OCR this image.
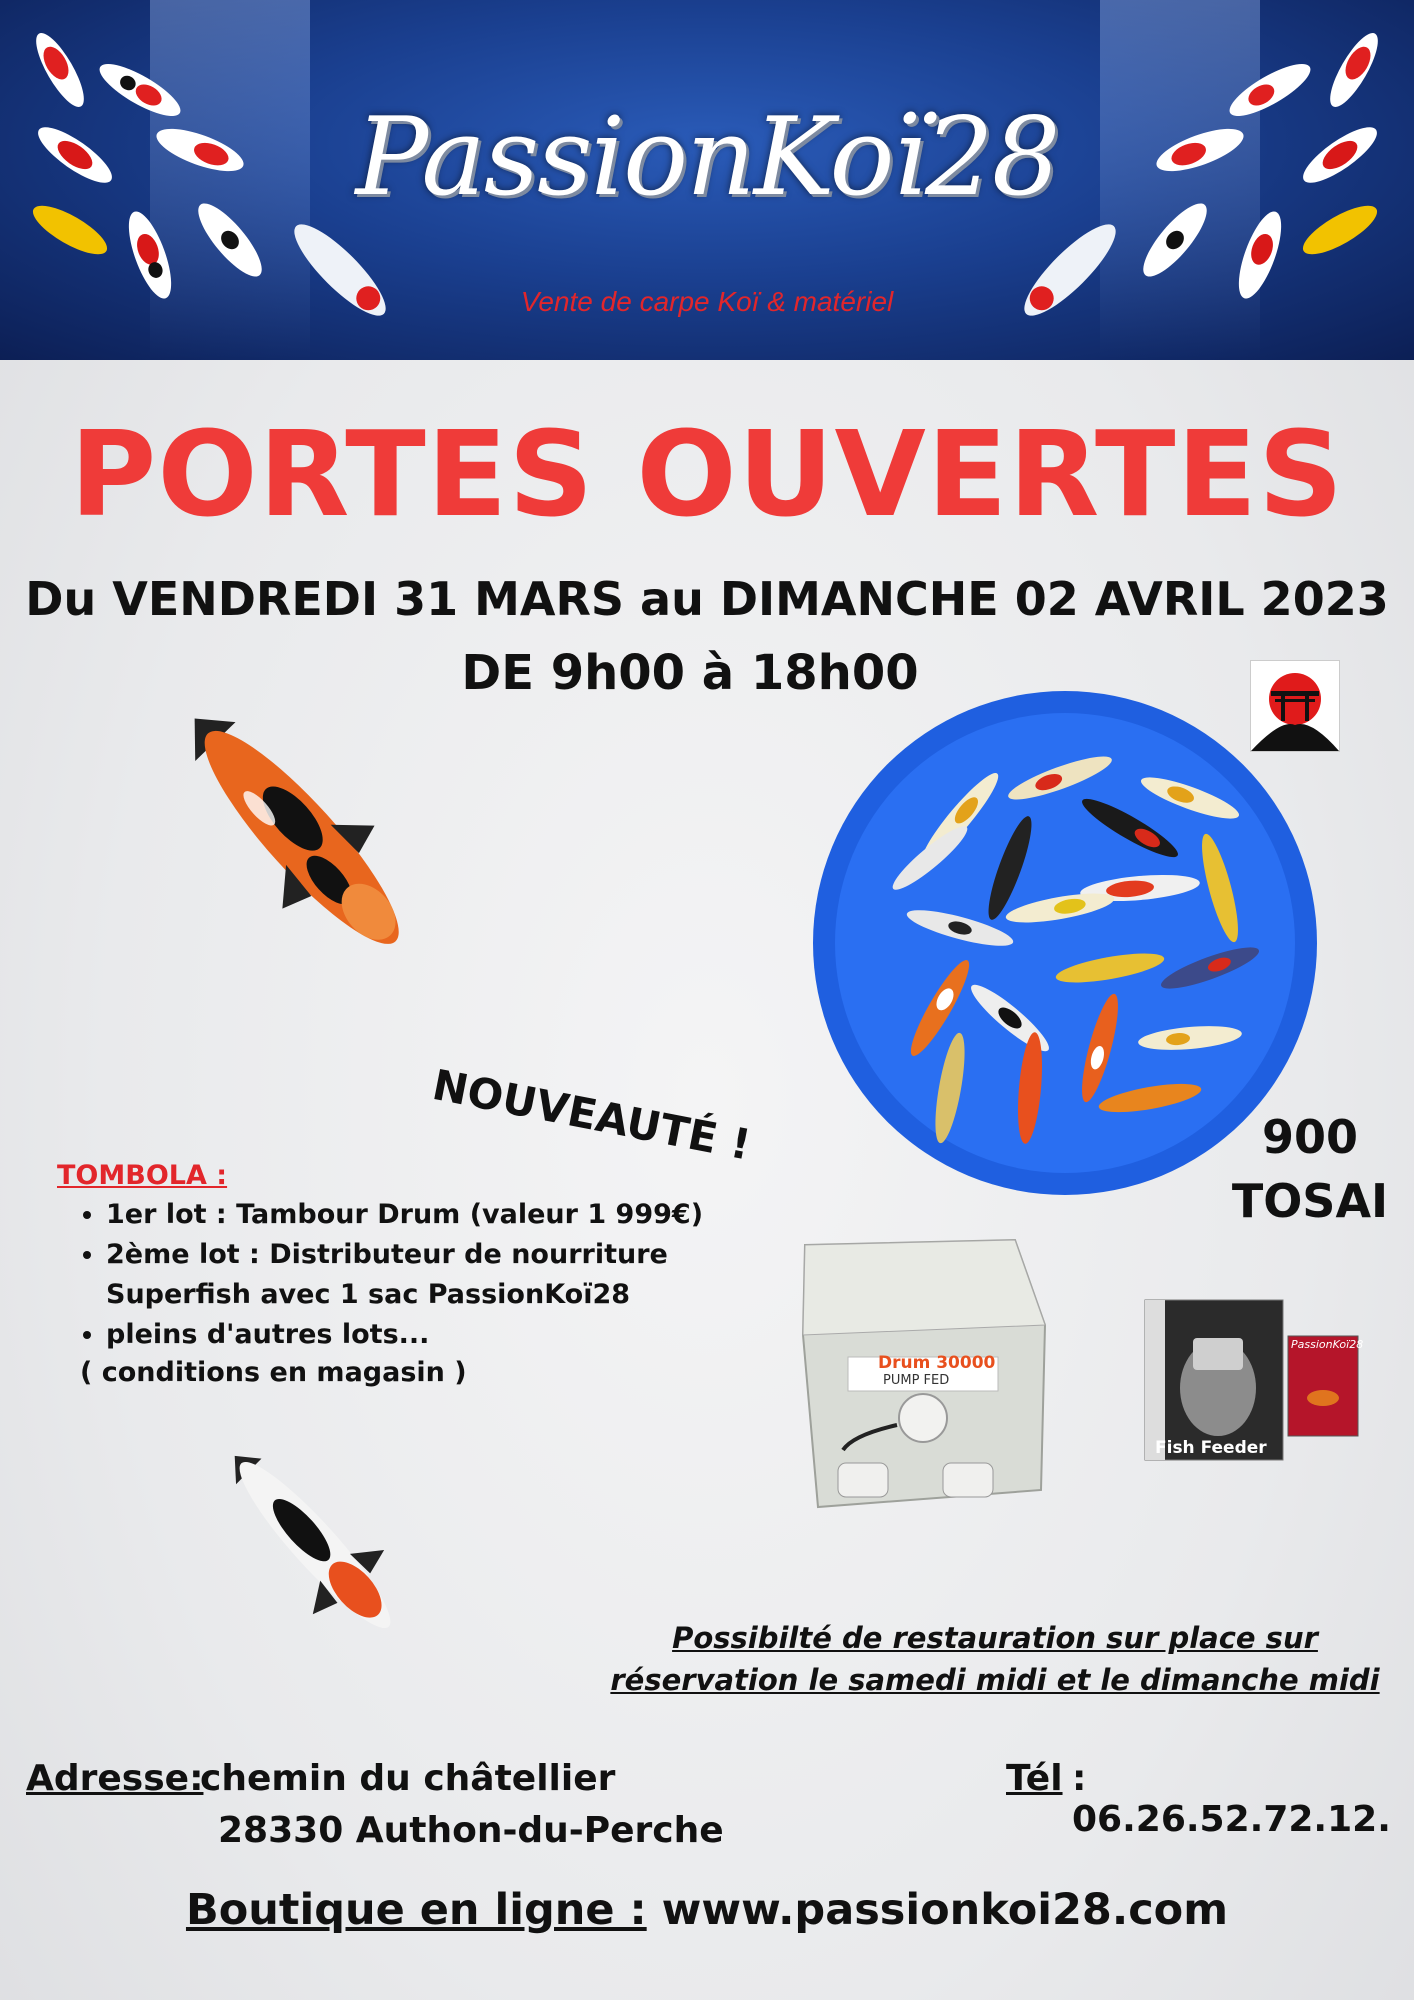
PassionKoï28
Vente de carpe Koï & matériel
PORTES OUVERTES
Du VENDREDI 31 MARS au DIMANCHE 02 AVRIL 2023
DE 9h00 à 18h00
NOUVEAUTÉ !	900
TOSAI
TOMBOLA :
• 1er lot : Tambour Drum (valeur 1 999€)
• 2ème lot : Distributeur de nourriture Superfish avec 1 sac PassionKoï28
• pleins d'autres lots...
( conditions en magasin )	Drum 30000
PUMP FED
Fish Feeder
PassionKoï28
Possibilté de restauration sur place sur
réservation le samedi midi et le dimanche midi
Adresse:
chemin du châtellier
28330 Authon-du-Perche
Tél : 06.26.52.72.12.
Boutique en ligne : www.passionkoi28.com
